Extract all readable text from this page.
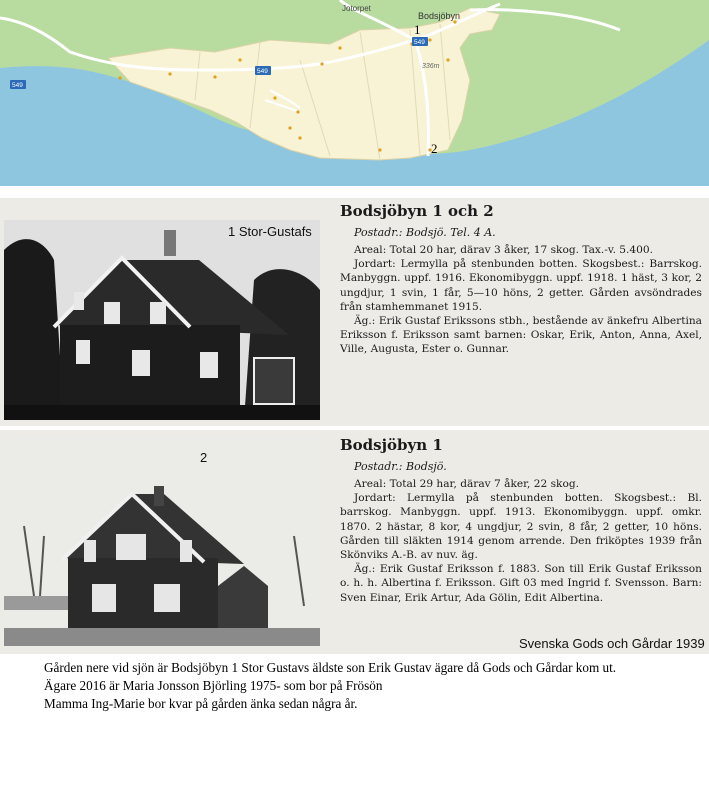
Jotorpet
Bodsjöbyn
549
549
549
336m
1
2
1 Stor-Gustafs
Bodsjöbyn 1 och 2
Postadr.: Bodsjö. Tel. 4 A.

Areal: Total 20 har, därav 3 åker, 17 skog. Tax.-v. 5.400.

Jordart: Lermylla på stenbunden botten. Skogsbest.: Barrskog. Manbyggn. uppf. 1916. Ekonomibyggn. uppf. 1918. 1 häst, 3 kor, 2 ungdjur, 1 svin, 1 får, 5—10 höns, 2 getter. Gården avsöndrades från stamhemmanet 1915.

Äg.: Erik Gustaf Erikssons stbh., bestående av änkefru Albertina Eriksson f. Eriksson samt barnen: Oskar, Erik, Anton, Anna, Axel, Ville, Augusta, Ester o. Gunnar.

2
Bodsjöbyn 1
Postadr.: Bodsjö.

Areal: Total 29 har, därav 7 åker, 22 skog.

Jordart: Lermylla på stenbunden botten. Skogsbest.: Bl. barrskog. Manbyggn. uppf. 1913. Ekonomibyggn. uppf. omkr. 1870. 2 hästar, 8 kor, 4 ungdjur, 2 svin, 8 får, 2 getter, 10 höns. Gården till släkten 1914 genom arrende. Den friköptes 1939 från Skönviks A.-B. av nuv. äg.

Äg.: Erik Gustaf Eriksson f. 1883. Son till Erik Gustaf Eriksson o. h. h. Albertina f. Eriksson. Gift 03 med Ingrid f. Svensson. Barn: Sven Einar, Erik Artur, Ada Gölin, Edit Albertina.

Svenska Gods och Gårdar 1939
Gården nere vid sjön är Bodsjöbyn 1 Stor Gustavs äldste son Erik Gustav ägare då Gods och Gårdar kom ut.
Ägare 2016 är Maria Jonsson Björling 1975- som bor på Frösön
Mamma Ing-Marie bor kvar på gården änka sedan några år.
